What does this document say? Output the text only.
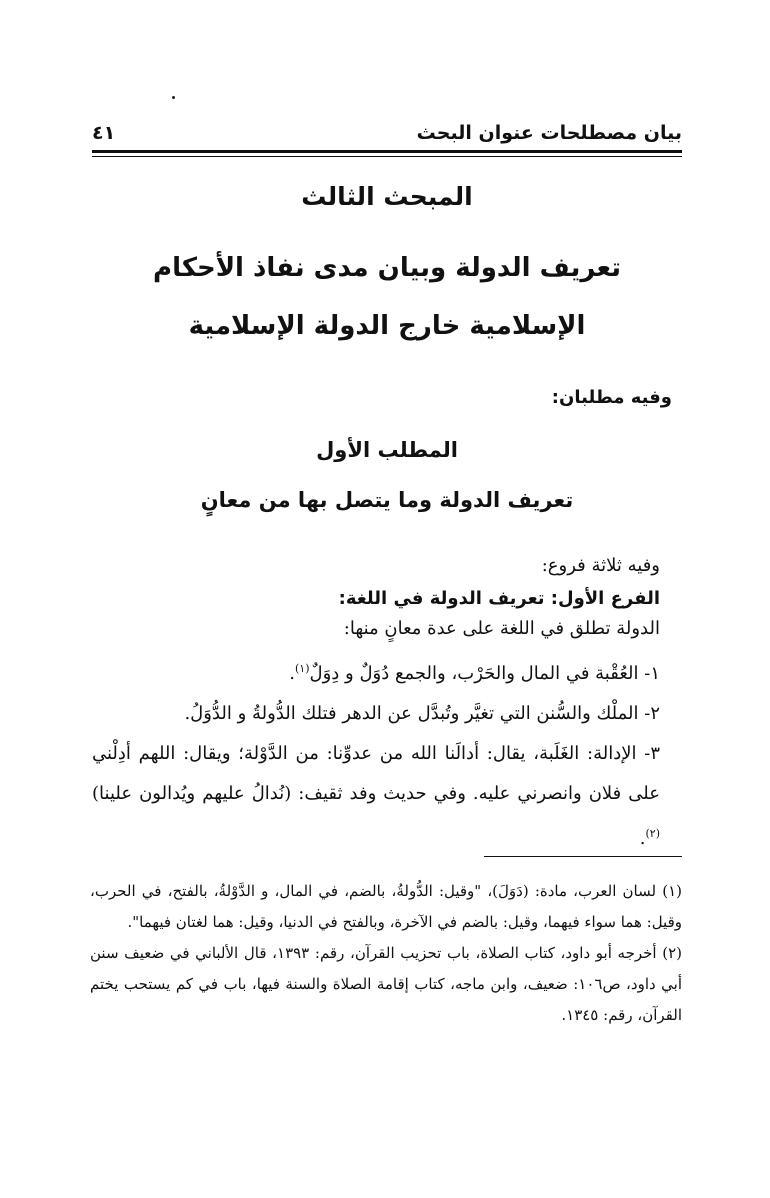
بيان مصطلحات عنوان البحث
٤١
المبحث الثالث
تعريف الدولة وبيان مدى نفاذ الأحكام الإسلامية خارج الدولة الإسلامية
وفيه مطلبان:
المطلب الأول
تعريف الدولة وما يتصل بها من معانٍ
وفيه ثلاثة فروع:
الفرع الأول: تعريف الدولة في اللغة:
الدولة تطلق في اللغة على عدة معانٍ منها:
١- العُقْبة في المال والحَرْب، والجمع دُوَلٌ و دِوَلٌ$^{(١)}$.
٢- الملْك والسُّنن التي تغيَّر وتُبدَّل عن الدهر فتلك الدُّولةُ و الدُّوَلُ.
٣- الإدالة: الغَلَبة، يقال: أدالَنا الله من عدوِّنا: من الدَّوْلة؛ ويقال: اللهم أدِلْني على فلان وانصرني عليه. وفي حديث وفد ثقيف: (نُدالُ عليهم ويُدالون علينا)$^{(٢)}$.
(١) لسان العرب، مادة: (دَوَلَ)، "وقيل: الدُّولةُ، بالضم، في المال، و الدَّوْلةُ، بالفتح، في الحرب، وقيل: هما سواء فيهما، وقيل: بالضم في الآخرة، وبالفتح في الدنيا، وقيل: هما لغتان فيهما".
(٢) أخرجه أبو داود، كتاب الصلاة، باب تحزيب القرآن، رقم: ١٣٩٣، قال الألباني في ضعيف سنن أبي داود، ص١٠٦: ضعيف، وابن ماجه، كتاب إقامة الصلاة والسنة فيها، باب في كم يستحب يختم القرآن، رقم: ١٣٤٥.
